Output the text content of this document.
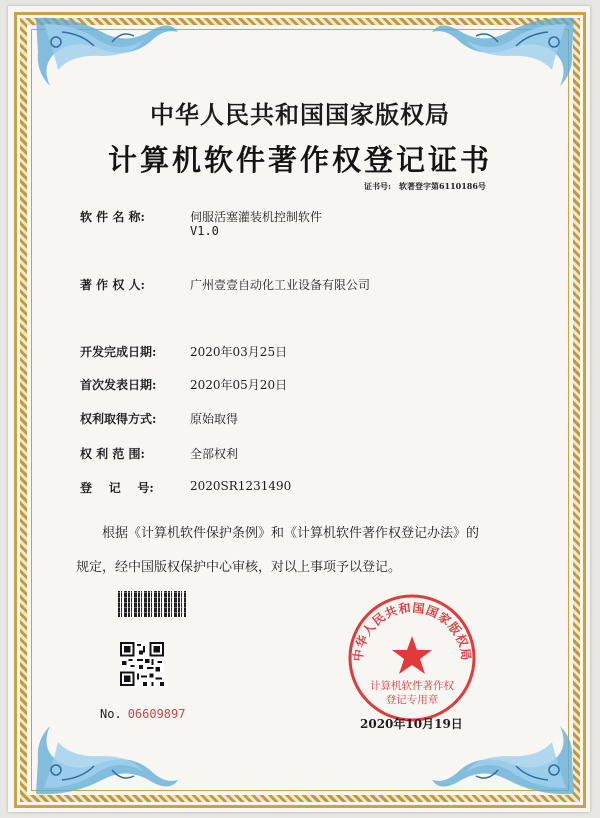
中华人民共和国国家版权局
计算机软件著作权登记证书
证书号: 软著登字第6110186号
软 件 名 称:	伺服活塞灌装机控制软件
V1.0
著 作 权 人:	广州壹壹自动化工业设备有限公司
开发完成日期:	2020年03月25日
首次发表日期:	2020年05月20日
权利取得方式:	原始取得
权 利 范 围:	全部权利
登    记    号:	2020SR1231490
根据《计算机软件保护条例》和《计算机软件著作权登记办法》的
规定，经中国版权保护中心审核，对以上事项予以登记。
No. 06609897
中华人民共和国国家版权局
计算机软件著作权
登记专用章
2020年10月19日
